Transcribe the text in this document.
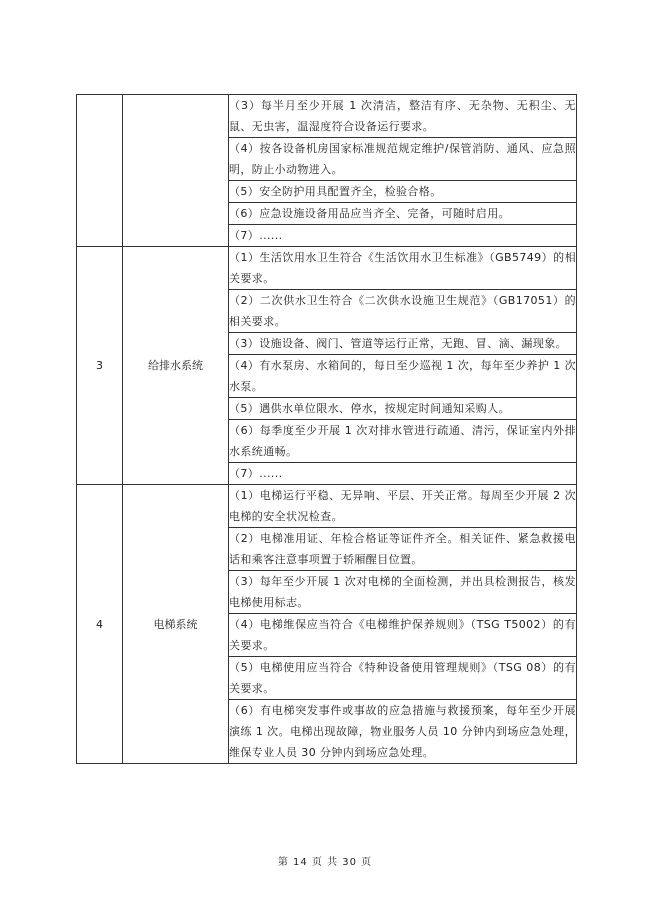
		（3）每半月至少开展 1 次清洁，整洁有序、无杂物、无积尘、无鼠、无虫害，温湿度符合设备运行要求。
		（4）按各设备机房国家标准规范规定维护/保管消防、通风、应急照明，防止小动物进入。
		（5）安全防护用具配置齐全，检验合格。
		（6）应急设施设备用品应当齐全、完备，可随时启用。
		（7）......
3	给排水系统	（1）生活饮用水卫生符合《生活饮用水卫生标准》（GB5749）的相关要求。
		（2）二次供水卫生符合《二次供水设施卫生规范》（GB17051）的相关要求。
		（3）设施设备、阀门、管道等运行正常，无跑、冒、滴、漏现象。
		（4）有水泵房、水箱间的，每日至少巡视 1 次，每年至少养护 1 次水泵。
		（5）遇供水单位限水、停水，按规定时间通知采购人。
		（6）每季度至少开展 1 次对排水管进行疏通、清污，保证室内外排水系统通畅。
		（7）......
4	电梯系统	（1）电梯运行平稳、无异响、平层、开关正常。每周至少开展 2 次电梯的安全状况检查。
		（2）电梯准用证、年检合格证等证件齐全。相关证件、紧急救援电话和乘客注意事项置于轿厢醒目位置。
		（3）每年至少开展 1 次对电梯的全面检测，并出具检测报告，核发电梯使用标志。
		（4）电梯维保应当符合《电梯维护保养规则》（TSG T5002）的有关要求。
		（5）电梯使用应当符合《特种设备使用管理规则》（TSG 08）的有关要求。
		（6）有电梯突发事件或事故的应急措施与救援预案，每年至少开展演练 1 次。电梯出现故障，物业服务人员 10 分钟内到场应急处理，维保专业人员 30 分钟内到场应急处理。
第 14 页 共 30 页
